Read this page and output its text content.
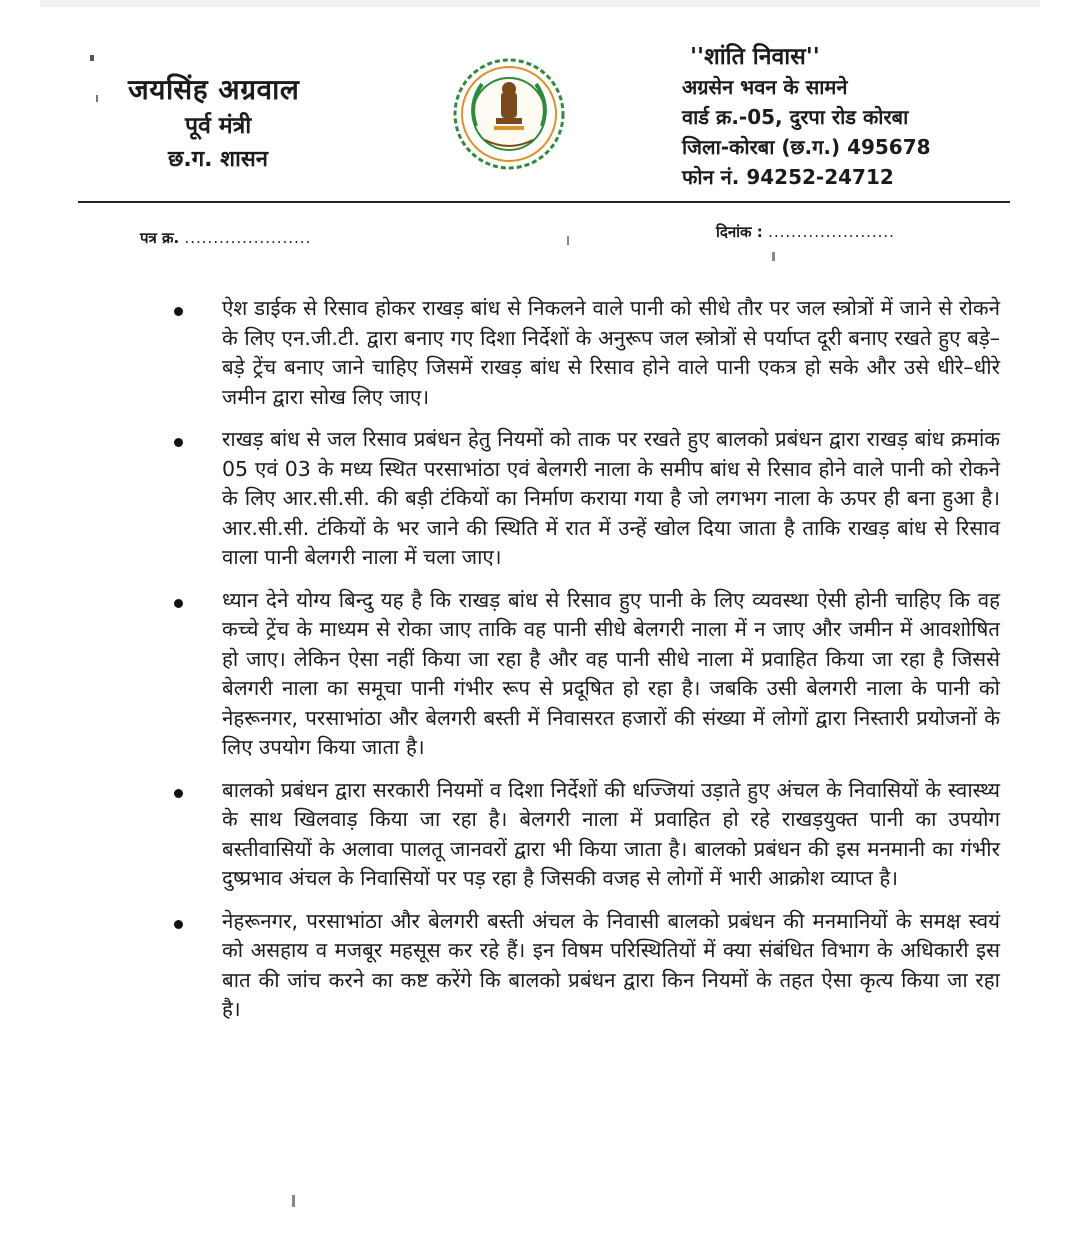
जयसिंह अग्रवाल
पूर्व मंत्री
छ.ग. शासन
''शांति निवास''
अग्रसेन भवन के सामने
वार्ड क्र.-05, दुरपा रोड कोरबा
जिला-कोरबा (छ.ग.) 495678
फोन नं. 94252-24712
पत्र क्र. ......................	दिनांक : ......................
ऐश डाईक से रिसाव होकर राखड़ बांध से निकलने वाले पानी को सीधे तौर पर जल स्त्रोत्रों में जाने से रोकने के लिए एन.जी.टी. द्वारा बनाए गए दिशा निर्देशों के अनुरूप जल स्त्रोत्रों से पर्याप्त दूरी बनाए रखते हुए बड़े–बड़े ट्रेंच बनाए जाने चाहिए जिसमें राखड़ बांध से रिसाव होने वाले पानी एकत्र हो सके और उसे धीरे–धीरे जमीन द्वारा सोख लिए जाए।
राखड़ बांध से जल रिसाव प्रबंधन हेतु नियमों को ताक पर रखते हुए बालको प्रबंधन द्वारा राखड़ बांध क्रमांक 05 एवं 03 के मध्य स्थित परसाभांठा एवं बेलगरी नाला के समीप बांध से रिसाव होने वाले पानी को रोकने के लिए आर.सी.सी. की बड़ी टंकियों का निर्माण कराया गया है जो लगभग नाला के ऊपर ही बना हुआ है। आर.सी.सी. टंकियों के भर जाने की स्थिति में रात में उन्हें खोल दिया जाता है ताकि राखड़ बांध से रिसाव वाला पानी बेलगरी नाला में चला जाए।
ध्यान देने योग्य बिन्दु यह है कि राखड़ बांध से रिसाव हुए पानी के लिए व्यवस्था ऐसी होनी चाहिए कि वह कच्चे ट्रेंच के माध्यम से रोका जाए ताकि वह पानी सीधे बेलगरी नाला में न जाए और जमीन में आवशोषित हो जाए। लेकिन ऐसा नहीं किया जा रहा है और वह पानी सीधे नाला में प्रवाहित किया जा रहा है जिससे बेलगरी नाला का समूचा पानी गंभीर रूप से प्रदूषित हो रहा है। जबकि उसी बेलगरी नाला के पानी को नेहरूनगर, परसाभांठा और बेलगरी बस्ती में निवासरत हजारों की संख्या में लोगों द्वारा निस्तारी प्रयोजनों के लिए उपयोग किया जाता है।
बालको प्रबंधन द्वारा सरकारी नियमों व दिशा निर्देशों की धज्जियां उड़ाते हुए अंचल के निवासियों के स्वास्थ्य के साथ खिलवाड़ किया जा रहा है। बेलगरी नाला में प्रवाहित हो रहे राखड़युक्त पानी का उपयोग बस्तीवासियों के अलावा पालतू जानवरों द्वारा भी किया जाता है। बालको प्रबंधन की इस मनमानी का गंभीर दुष्प्रभाव अंचल के निवासियों पर पड़ रहा है जिसकी वजह से लोगों में भारी आक्रोश व्याप्त है।
नेहरूनगर, परसाभांठा और बेलगरी बस्ती अंचल के निवासी बालको प्रबंधन की मनमानियों के समक्ष स्वयं को असहाय व मजबूर महसूस कर रहे हैं। इन विषम परिस्थितियों में क्या संबंधित विभाग के अधिकारी इस बात की जांच करने का कष्ट करेंगे कि बालको प्रबंधन द्वारा किन नियमों के तहत ऐसा कृत्य किया जा रहा है।
